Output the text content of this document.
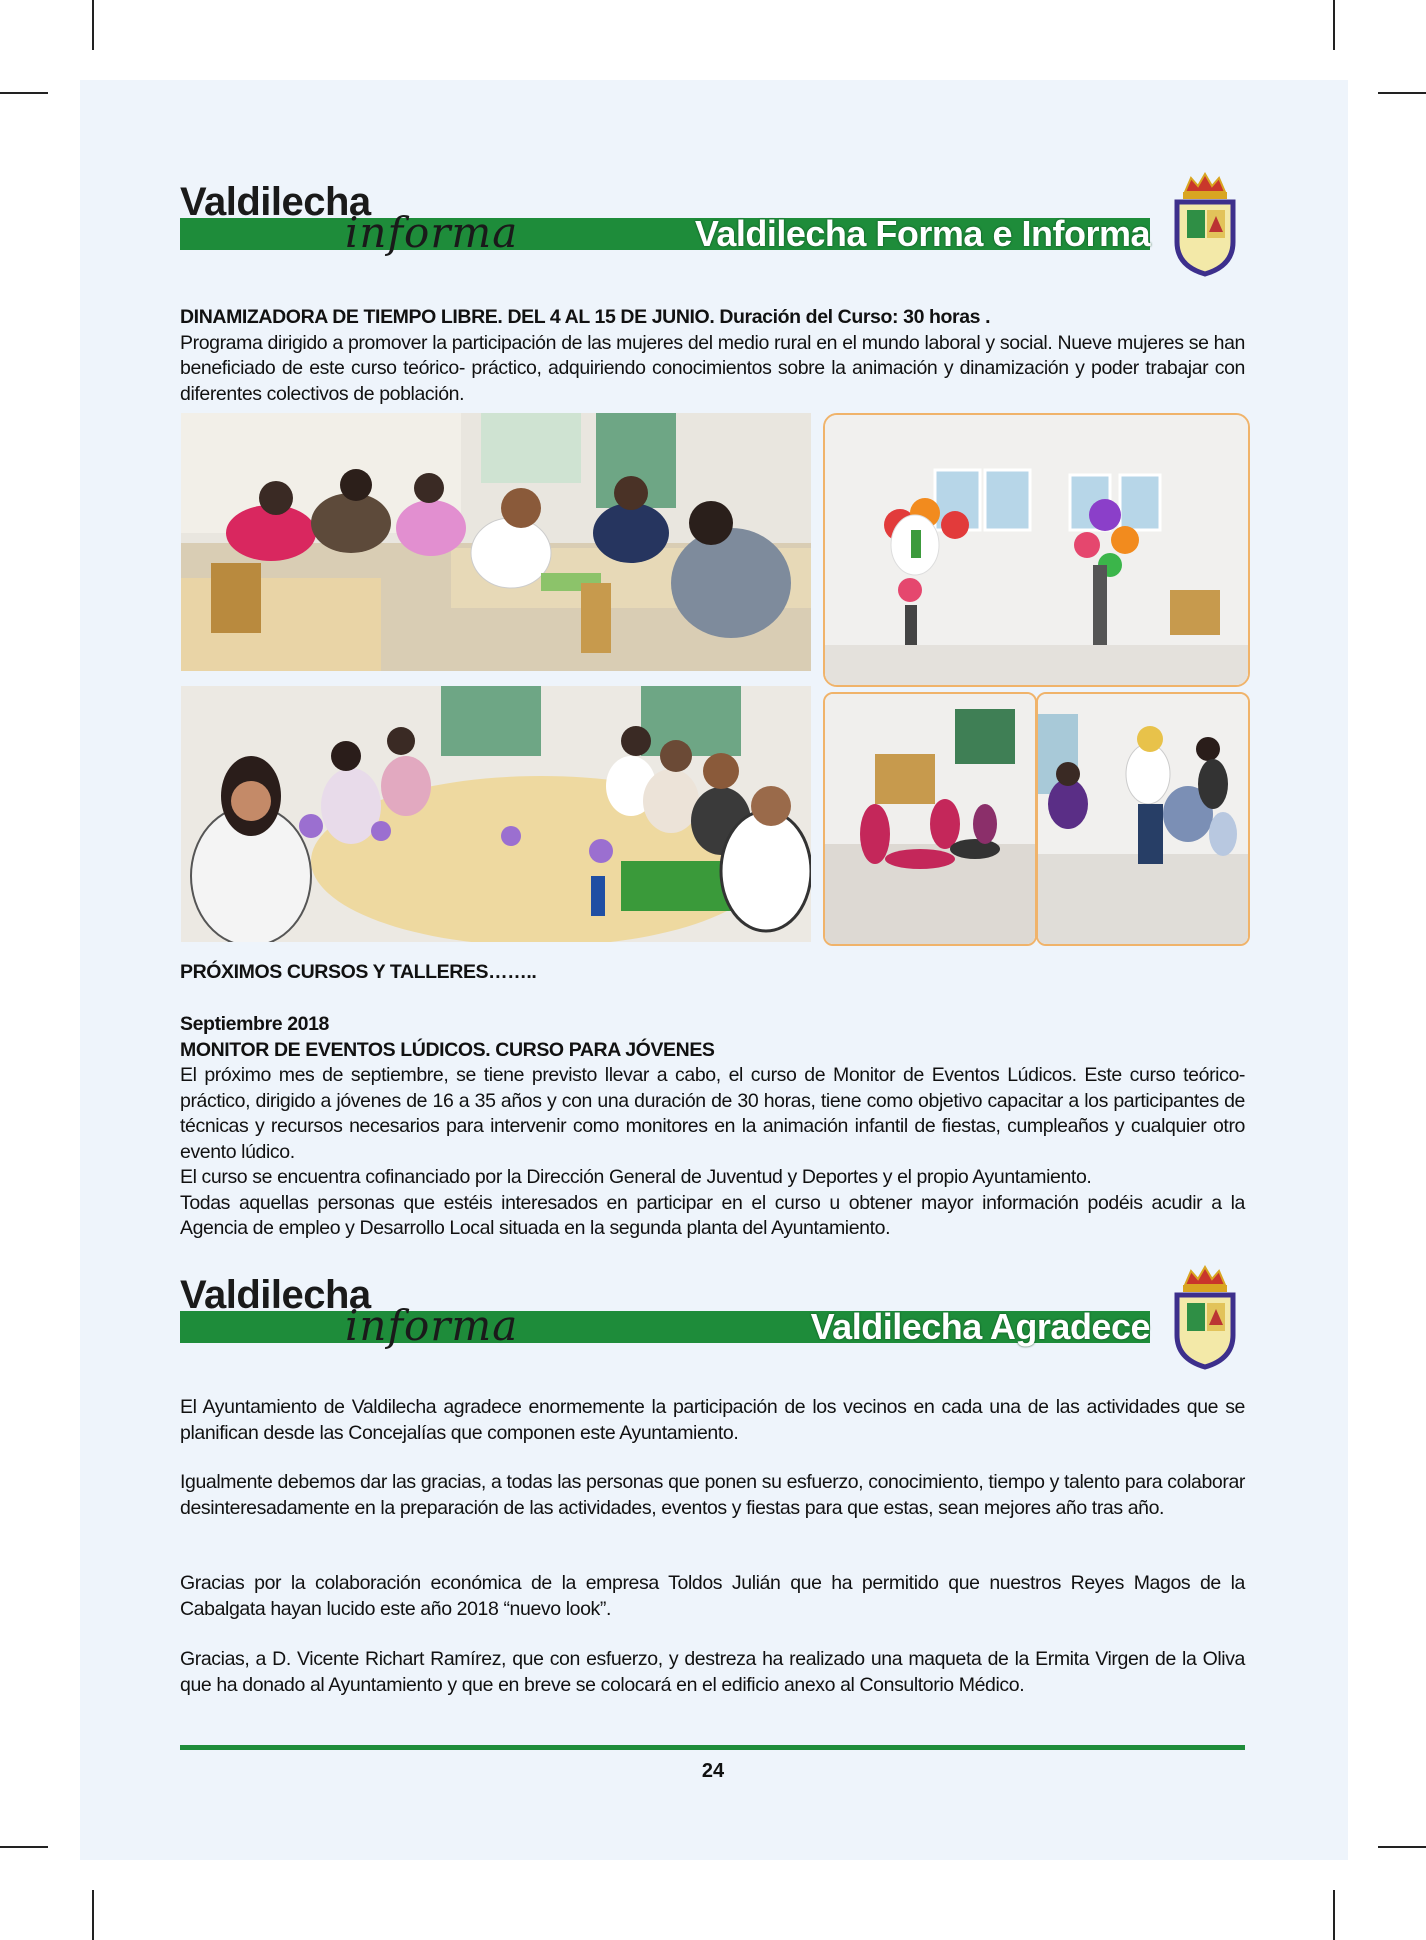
Valdilecha
informa	Valdilecha Forma e Informa

DINAMIZADORA DE TIEMPO LIBRE. DEL 4 AL 15 DE JUNIO. Duración del Curso: 30 horas .

Programa dirigido a promover la participación de las mujeres del medio rural en el mundo laboral y social. Nueve mujeres se han beneficiado de este curso teórico- práctico, adquiriendo conocimientos sobre la animación y dinamización y poder trabajar con diferentes colectivos de población.

PRÓXIMOS CURSOS Y TALLERES……..

Septiembre 2018

MONITOR DE EVENTOS LÚDICOS. CURSO PARA JÓVENES

El próximo mes de septiembre, se tiene previsto llevar a cabo, el curso de Monitor de Eventos Lúdicos. Este curso teórico- práctico, dirigido a jóvenes de 16 a 35 años y con una duración de 30 horas, tiene como objetivo capacitar a los participantes de técnicas y recursos necesarios para intervenir como monitores en la animación infantil de fiestas, cumpleaños y cualquier otro evento lúdico.

El curso se encuentra cofinanciado por la Dirección General de Juventud y Deportes y el propio Ayuntamiento.

Todas aquellas personas que estéis interesados en participar en el curso u obtener mayor información podéis acudir a la Agencia de empleo y Desarrollo Local situada en la segunda planta del Ayuntamiento.

Valdilecha
informa	Valdilecha Agradece

El Ayuntamiento de Valdilecha agradece enormemente la participación de los vecinos en cada una de las actividades que se planifican desde las Concejalías que componen este Ayuntamiento.

Igualmente debemos dar las gracias, a todas las personas que ponen su esfuerzo, conocimiento, tiempo y talento para colaborar desinteresadamente en la preparación de las actividades, eventos y fiestas para que estas, sean mejores año tras año.

Gracias por la colaboración económica de la empresa Toldos Julián que ha permitido que nuestros Reyes Magos de la Cabalgata hayan lucido este año 2018 “nuevo look”.

Gracias, a D. Vicente Richart Ramírez, que con esfuerzo, y destreza ha realizado una maqueta de la Ermita Virgen de la Oliva que ha donado al Ayuntamiento y que en breve se colocará en el edificio anexo al Consultorio Médico.

24
